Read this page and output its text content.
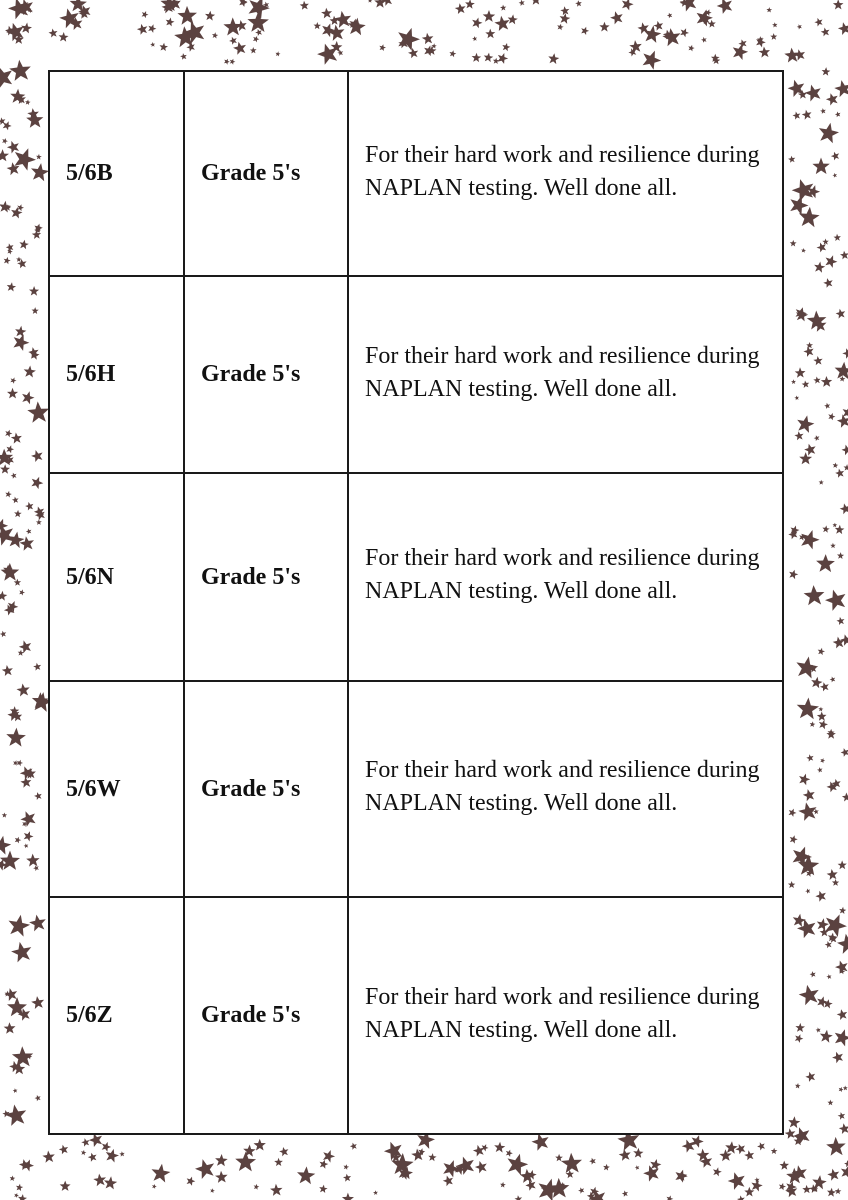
5/6B	Grade 5's	For their hard work and resilience during
NAPLAN testing. Well done all.

5/6H	Grade 5's	For their hard work and resilience during
NAPLAN testing. Well done all.

5/6N	Grade 5's	For their hard work and resilience during
NAPLAN testing. Well done all.

5/6W	Grade 5's	For their hard work and resilience during
NAPLAN testing. Well done all.

5/6Z	Grade 5's	For their hard work and resilience during
NAPLAN testing. Well done all.
